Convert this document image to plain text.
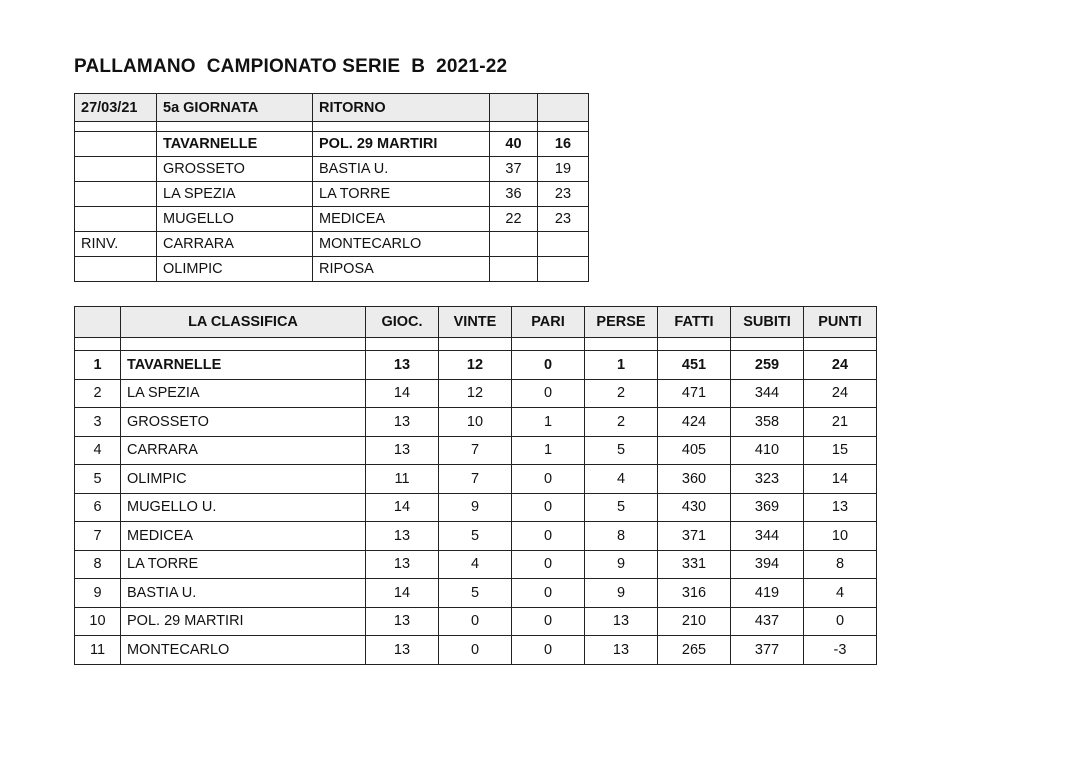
PALLAMANO  CAMPIONATO SERIE  B  2021-22
27/03/21	5a GIORNATA	RITORNO		

	TAVARNELLE	POL. 29 MARTIRI	40	16
	GROSSETO	BASTIA U.	37	19
	LA SPEZIA	LA TORRE	36	23
	MUGELLO	MEDICEA	22	23
RINV.	CARRARA	MONTECARLO		
	OLIMPIC	RIPOSA		
	LA CLASSIFICA	GIOC.	VINTE	PARI	PERSE	FATTI	SUBITI	PUNTI

1	TAVARNELLE	13	12	0	1	451	259	24
2	LA SPEZIA	14	12	0	2	471	344	24
3	GROSSETO	13	10	1	2	424	358	21
4	CARRARA	13	7	1	5	405	410	15
5	OLIMPIC	11	7	0	4	360	323	14
6	MUGELLO U.	14	9	0	5	430	369	13
7	MEDICEA	13	5	0	8	371	344	10
8	LA TORRE	13	4	0	9	331	394	8
9	BASTIA U.	14	5	0	9	316	419	4
10	POL. 29 MARTIRI	13	0	0	13	210	437	0
11	MONTECARLO	13	0	0	13	265	377	-3
